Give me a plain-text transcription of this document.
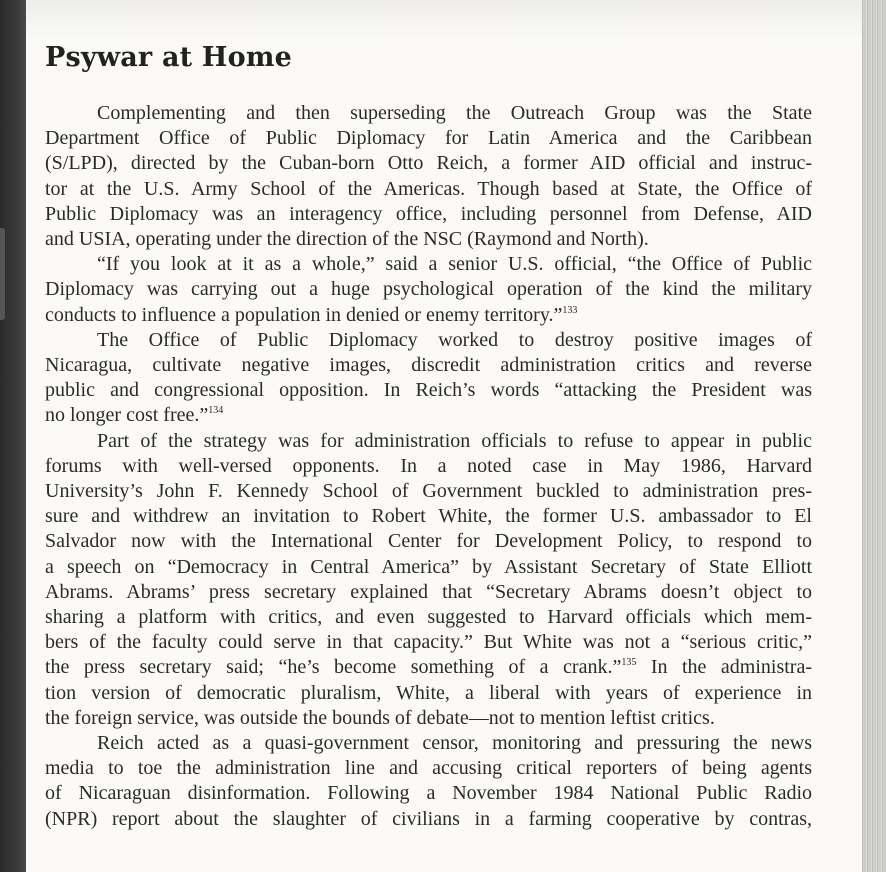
Psywar at Home
Complementing and then superseding the Outreach Group was the State
Department Office of Public Diplomacy for Latin America and the Caribbean
(S/LPD), directed by the Cuban-born Otto Reich, a former AID official and instruc-
tor at the U.S. Army School of the Americas. Though based at State, the Office of
Public Diplomacy was an interagency office, including personnel from Defense, AID
and USIA, operating under the direction of the NSC (Raymond and North).
“If you look at it as a whole,” said a senior U.S. official, “the Office of Public
Diplomacy was carrying out a huge psychological operation of the kind the military
conducts to influence a population in denied or enemy territory.”$^{133}$
The Office of Public Diplomacy worked to destroy positive images of
Nicaragua, cultivate negative images, discredit administration critics and reverse
public and congressional opposition. In Reich’s words “attacking the President was
no longer cost free.”$^{134}$
Part of the strategy was for administration officials to refuse to appear in public
forums with well-versed opponents. In a noted case in May 1986, Harvard
University’s John F. Kennedy School of Government buckled to administration pres-
sure and withdrew an invitation to Robert White, the former U.S. ambassador to El
Salvador now with the International Center for Development Policy, to respond to
a speech on “Democracy in Central America” by Assistant Secretary of State Elliott
Abrams. Abrams’ press secretary explained that “Secretary Abrams doesn’t object to
sharing a platform with critics, and even suggested to Harvard officials which mem-
bers of the faculty could serve in that capacity.” But White was not a “serious critic,”
the press secretary said; “he’s become something of a crank.”$^{135}$ In the administra-
tion version of democratic pluralism, White, a liberal with years of experience in
the foreign service, was outside the bounds of debate—not to mention leftist critics.
Reich acted as a quasi-government censor, monitoring and pressuring the news
media to toe the administration line and accusing critical reporters of being agents
of Nicaraguan disinformation. Following a November 1984 National Public Radio
(NPR) report about the slaughter of civilians in a farming cooperative by contras,
